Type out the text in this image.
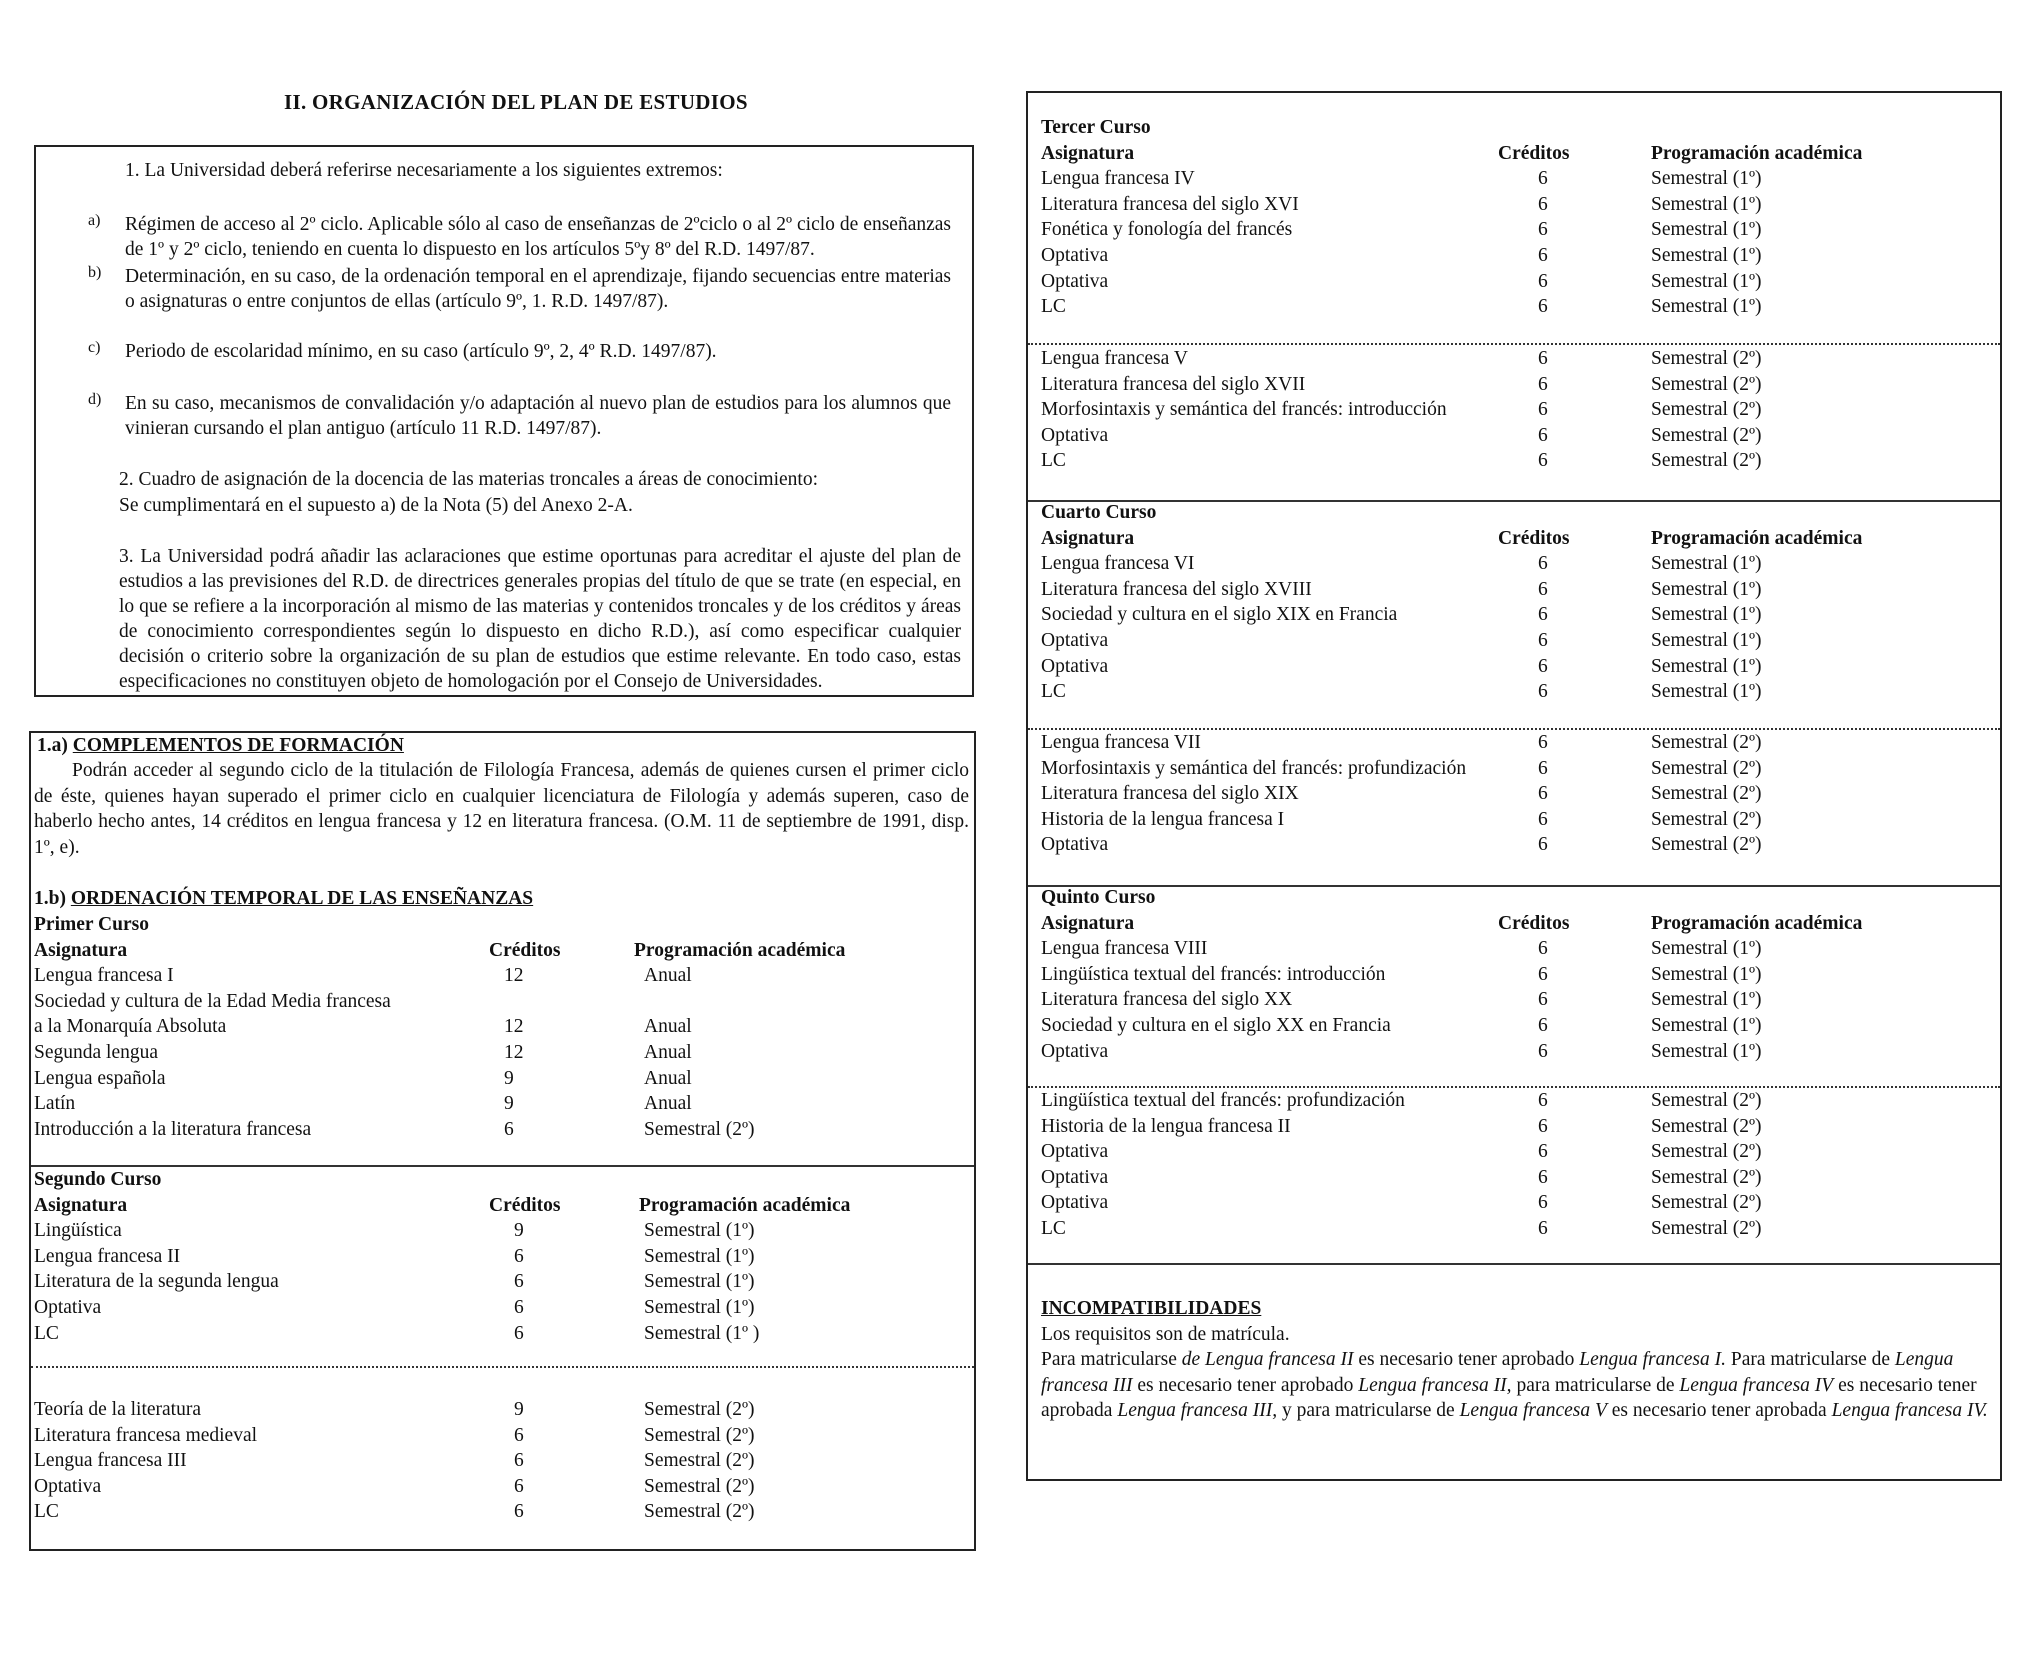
II. ORGANIZACIÓN DEL PLAN DE ESTUDIOS

1. La Universidad deberá referirse necesariamente a los siguientes extremos:

a) Régimen de acceso al 2º ciclo. Aplicable sólo al caso de enseñanzas de 2ºciclo o al 2º ciclo de enseñanzas de 1º y 2º ciclo, teniendo en cuenta lo dispuesto en los artículos 5ºy 8º del R.D. 1497/87.

b) Determinación, en su caso, de la ordenación temporal en el aprendizaje, fijando secuencias entre materias o asignaturas o entre conjuntos de ellas (artículo 9º, 1. R.D. 1497/87).

c) Periodo de escolaridad mínimo, en su caso (artículo 9º, 2, 4º R.D. 1497/87).

d) En su caso, mecanismos de convalidación y/o adaptación al nuevo plan de estudios para los alumnos que vinieran cursando el plan antiguo (artículo 11 R.D. 1497/87).

2. Cuadro de asignación de la docencia de las materias troncales a áreas de conocimiento:

Se cumplimentará en el supuesto a) de la Nota (5) del Anexo 2-A.

3. La Universidad podrá añadir las aclaraciones que estime oportunas para acreditar el ajuste del plan de estudios a las previsiones del R.D. de directrices generales propias del título de que se trate (en especial, en lo que se refiere a la incorporación al mismo de las materias y contenidos troncales y de los créditos y áreas de conocimiento correspondientes según lo dispuesto en dicho R.D.), así como especificar cualquier decisión o criterio sobre la organización de su plan de estudios que estime relevante. En todo caso, estas especificaciones no constituyen objeto de homologación por el Consejo de Universidades.

1.a) COMPLEMENTOS DE FORMACIÓN

Podrán acceder al segundo ciclo de la titulación de Filología Francesa, además de quienes cursen el primer ciclo de éste, quienes hayan superado el primer ciclo en cualquier licenciatura de Filología y además superen, caso de haberlo hecho antes, 14 créditos en lengua francesa y 12 en literatura francesa. (O.M. 11 de septiembre de 1991, disp. 1º, e).

1.b) ORDENACIÓN TEMPORAL DE LAS ENSEÑANZAS
Primer Curso
Asignatura	Créditos	Programación académica
Lengua francesa I	12	Anual
Sociedad y cultura de la Edad Media francesa
a la Monarquía Absoluta	12	Anual
Segunda lengua	12	Anual
Lengua española	9	Anual
Latín	9	Anual
Introducción a la literatura francesa	6	Semestral (2º)
Segundo Curso
Asignatura	Créditos	Programación académica
Lingüística	9	Semestral (1º)
Lengua francesa II	6	Semestral (1º)
Literatura de la segunda lengua	6	Semestral (1º)
Optativa	6	Semestral (1º)
LC	6	Semestral (1º )
Teoría de la literatura	9	Semestral (2º)
Literatura francesa medieval	6	Semestral (2º)
Lengua francesa III	6	Semestral (2º)
Optativa	6	Semestral (2º)
LC	6	Semestral (2º)
Tercer Curso
Asignatura	Créditos	Programación académica
Lengua francesa IV	6	Semestral (1º)
Literatura francesa del siglo XVI	6	Semestral (1º)
Fonética y fonología del francés	6	Semestral (1º)
Optativa	6	Semestral (1º)
Optativa	6	Semestral (1º)
LC	6	Semestral (1º)
Lengua francesa V	6	Semestral (2º)
Literatura francesa del siglo XVII	6	Semestral (2º)
Morfosintaxis y semántica del francés: introducción	6	Semestral (2º)
Optativa	6	Semestral (2º)
LC	6	Semestral (2º)
Cuarto Curso
Asignatura	Créditos	Programación académica
Lengua francesa VI	6	Semestral (1º)
Literatura francesa del siglo XVIII	6	Semestral (1º)
Sociedad y cultura en el siglo XIX en Francia	6	Semestral (1º)
Optativa	6	Semestral (1º)
Optativa	6	Semestral (1º)
LC	6	Semestral (1º)
Lengua francesa VII	6	Semestral (2º)
Morfosintaxis y semántica del francés: profundización	6	Semestral (2º)
Literatura francesa del siglo XIX	6	Semestral (2º)
Historia de la lengua francesa I	6	Semestral (2º)
Optativa	6	Semestral (2º)
Quinto Curso
Asignatura	Créditos	Programación académica
Lengua francesa VIII	6	Semestral (1º)
Lingüística textual del francés: introducción	6	Semestral (1º)
Literatura francesa del siglo XX	6	Semestral (1º)
Sociedad y cultura en el siglo XX en Francia	6	Semestral (1º)
Optativa	6	Semestral (1º)
Lingüística textual del francés: profundización	6	Semestral (2º)
Historia de la lengua francesa II	6	Semestral (2º)
Optativa	6	Semestral (2º)
Optativa	6	Semestral (2º)
Optativa	6	Semestral (2º)
LC	6	Semestral (2º)
INCOMPATIBILIDADES
Los requisitos son de matrícula.
Para matricularse de Lengua francesa II es necesario tener aprobado Lengua francesa I. Para matricularse de Lengua francesa III es necesario tener aprobado Lengua francesa II, para matricularse de Lengua francesa IV es necesario tener aprobada Lengua francesa III, y para matricularse de Lengua francesa V es necesario tener aprobada Lengua francesa IV.
